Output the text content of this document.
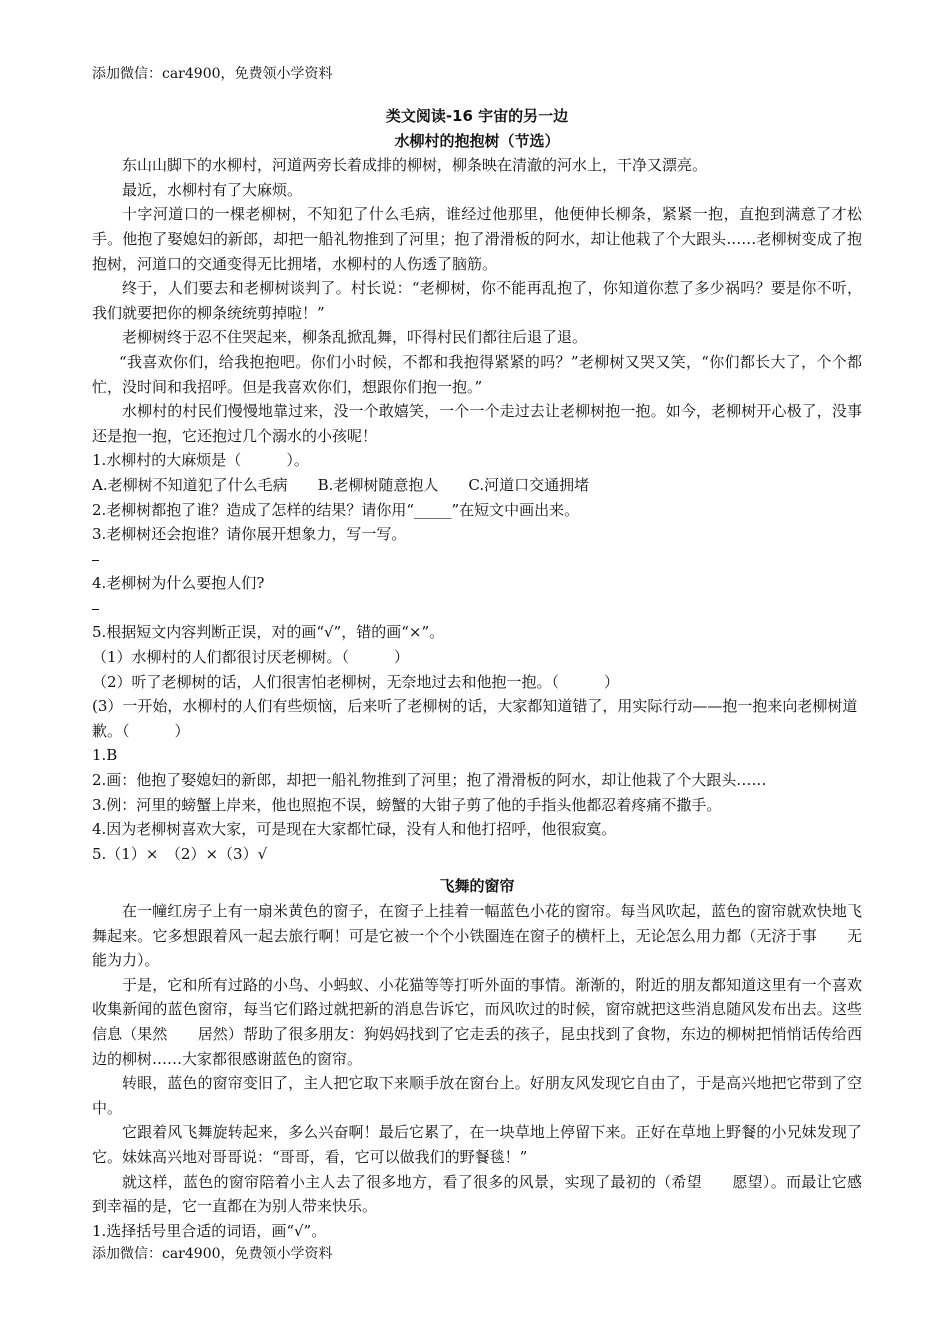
添加微信：car4900，免费领小学资料

类文阅读-16 宇宙的另一边

水柳村的抱抱树（节选）

东山山脚下的水柳村，河道两旁长着成排的柳树，柳条映在清澈的河水上，干净又漂亮。

最近，水柳村有了大麻烦。

十字河道口的一棵老柳树，不知犯了什么毛病，谁经过他那里，他便伸长柳条，紧紧一抱，直抱到满意了才松手。他抱了娶媳妇的新郎，却把一船礼物推到了河里；抱了滑滑板的阿水，却让他栽了个大跟头……老柳树变成了抱抱树，河道口的交通变得无比拥堵，水柳村的人伤透了脑筋。

终于，人们要去和老柳树谈判了。村长说：“老柳树，你不能再乱抱了，你知道你惹了多少祸吗？要是你不听，我们就要把你的柳条统统剪掉啦！”

老柳树终于忍不住哭起来，柳条乱掀乱舞，吓得村民们都往后退了退。

“我喜欢你们，给我抱抱吧。你们小时候，不都和我抱得紧紧的吗？”老柳树又哭又笑，“你们都长大了，个个都忙，没时间和我招呼。但是我喜欢你们，想跟你们抱一抱。”

水柳村的村民们慢慢地靠过来，没一个敢嬉笑，一个一个走过去让老柳树抱一抱。如今，老柳树开心极了，没事还是抱一抱，它还抱过几个溺水的小孩呢！

1.水柳村的大麻烦是（　　　）。

A.老柳树不知道犯了什么毛病　　B.老柳树随意抱人　　C.河道口交通拥堵

2.老柳树都抱了谁？造成了怎样的结果？请你用“_____”在短文中画出来。

3.老柳树还会抱谁？请你展开想象力，写一写。

4.老柳树为什么要抱人们?

5.根据短文内容判断正误，对的画“√”，错的画“×”。

（1）水柳村的人们都很讨厌老柳树。（　　　）

（2）听了老柳树的话，人们很害怕老柳树，无奈地过去和他抱一抱。（　　　）

(3）一开始，水柳村的人们有些烦恼，后来听了老柳树的话，大家都知道错了，用实际行动——抱一抱来向老柳树道歉。（　　　）

1.B

2.画：他抱了娶媳妇的新郎，却把一船礼物推到了河里；抱了滑滑板的阿水，却让他栽了个大跟头……

3.例：河里的螃蟹上岸来，他也照抱不误，螃蟹的大钳子剪了他的手指头他都忍着疼痛不撒手。

4.因为老柳树喜欢大家，可是现在大家都忙碌，没有人和他打招呼，他很寂寞。

5.（1）×　（2）×（3）√

飞舞的窗帘

在一幢红房子上有一扇米黄色的窗子，在窗子上挂着一幅蓝色小花的窗帘。每当风吹起，蓝色的窗帘就欢快地飞舞起来。它多想跟着风一起去旅行啊！可是它被一个个小铁圈连在窗子的横杆上，无论怎么用力都（无济于事　　无能为力）。

于是，它和所有过路的小鸟、小蚂蚁、小花猫等等打听外面的事情。渐渐的，附近的朋友都知道这里有一个喜欢收集新闻的蓝色窗帘，每当它们路过就把新的消息告诉它，而风吹过的时候，窗帘就把这些消息随风发布出去。这些信息（果然　　居然）帮助了很多朋友：狗妈妈找到了它走丢的孩子，昆虫找到了食物，东边的柳树把悄悄话传给西边的柳树……大家都很感谢蓝色的窗帘。

转眼，蓝色的窗帘变旧了，主人把它取下来顺手放在窗台上。好朋友风发现它自由了，于是高兴地把它带到了空中。

它跟着风飞舞旋转起来，多么兴奋啊！最后它累了，在一块草地上停留下来。正好在草地上野餐的小兄妹发现了它。妹妹高兴地对哥哥说：“哥哥，看，它可以做我们的野餐毯！”

就这样，蓝色的窗帘陪着小主人去了很多地方，看了很多的风景，实现了最初的（希望　　愿望）。而最让它感到幸福的是，它一直都在为别人带来快乐。

1.选择括号里合适的词语，画“√”。

添加微信：car4900，免费领小学资料
